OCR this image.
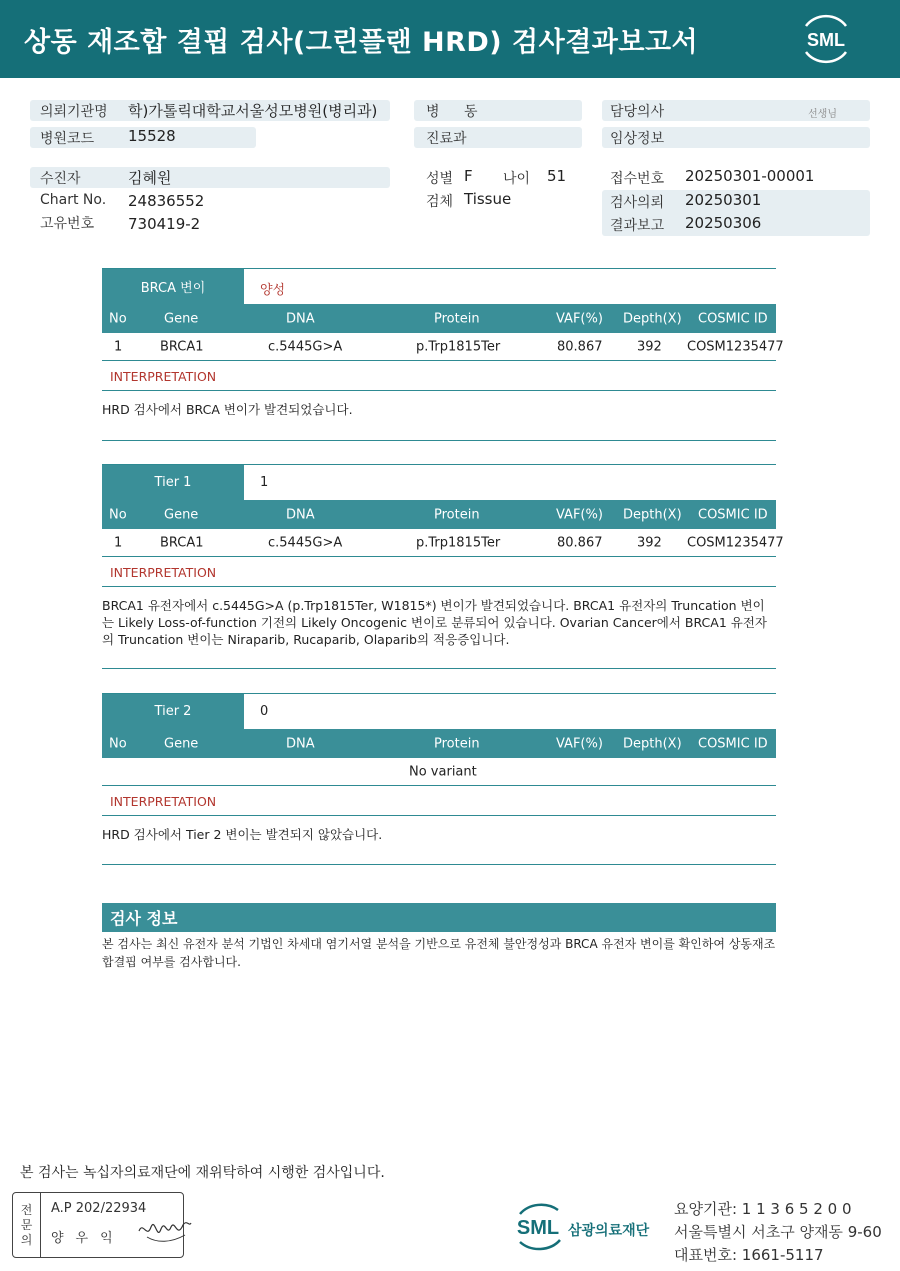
상동 재조합 결핍 검사(그린플랜 HRD) 검사결과보고서	SML
의뢰기관명 학)가톨릭대학교서울성모병원(병리과)
병원코드 15528
병 동
진료과
담당의사	선생님
임상정보
수진자	김혜원
Chart No. 24836552
고유번호 730419-2
성별 F 나이 51
검체 Tissue
접수번호 20250301-00001
검사의뢰 20250301
결과보고 20250306
BRCA 변이	양성
No	Gene	DNA	Protein	VAF(%) Depth(X) COSMIC ID
1	BRCA1	c.5445G>A	p.Trp1815Ter	80.867	392 COSM1235477
INTERPRETATION
HRD 검사에서 BRCA 변이가 발견되었습니다.
Tier 1	1
No	Gene	DNA	Protein	VAF(%) Depth(X) COSMIC ID
1	BRCA1	c.5445G>A	p.Trp1815Ter	80.867	392 COSM1235477
INTERPRETATION
BRCA1 유전자에서 c.5445G>A (p.Trp1815Ter, W1815*) 변이가 발견되었습니다. BRCA1 유전자의 Truncation 변이는 Likely Loss-of-function 기전의 Likely Oncogenic 변이로 분류되어 있습니다. Ovarian Cancer에서 BRCA1 유전자의 Truncation 변이는 Niraparib, Rucaparib, Olaparib의 적응증입니다.
Tier 2	0
No	Gene	DNA	Protein	VAF(%) Depth(X) COSMIC ID
No variant
INTERPRETATION
HRD 검사에서 Tier 2 변이는 발견되지 않았습니다.
검사 정보
본 검사는 최신 유전자 분석 기법인 차세대 염기서열 분석을 기반으로 유전체 불안정성과 BRCA 유전자 변이를 확인하여 상동재조합결핍 여부를 검사합니다.
본 검사는 녹십자의료재단에 재위탁하여 시행한 검사입니다.
전
문
의
A.P 202/22934
양우익	SML 삼광의료재단
요양기관: 1 1 3 6 5 2 0 0
서울특별시 서초구 양재동 9-60
대표번호: 1661-5117
